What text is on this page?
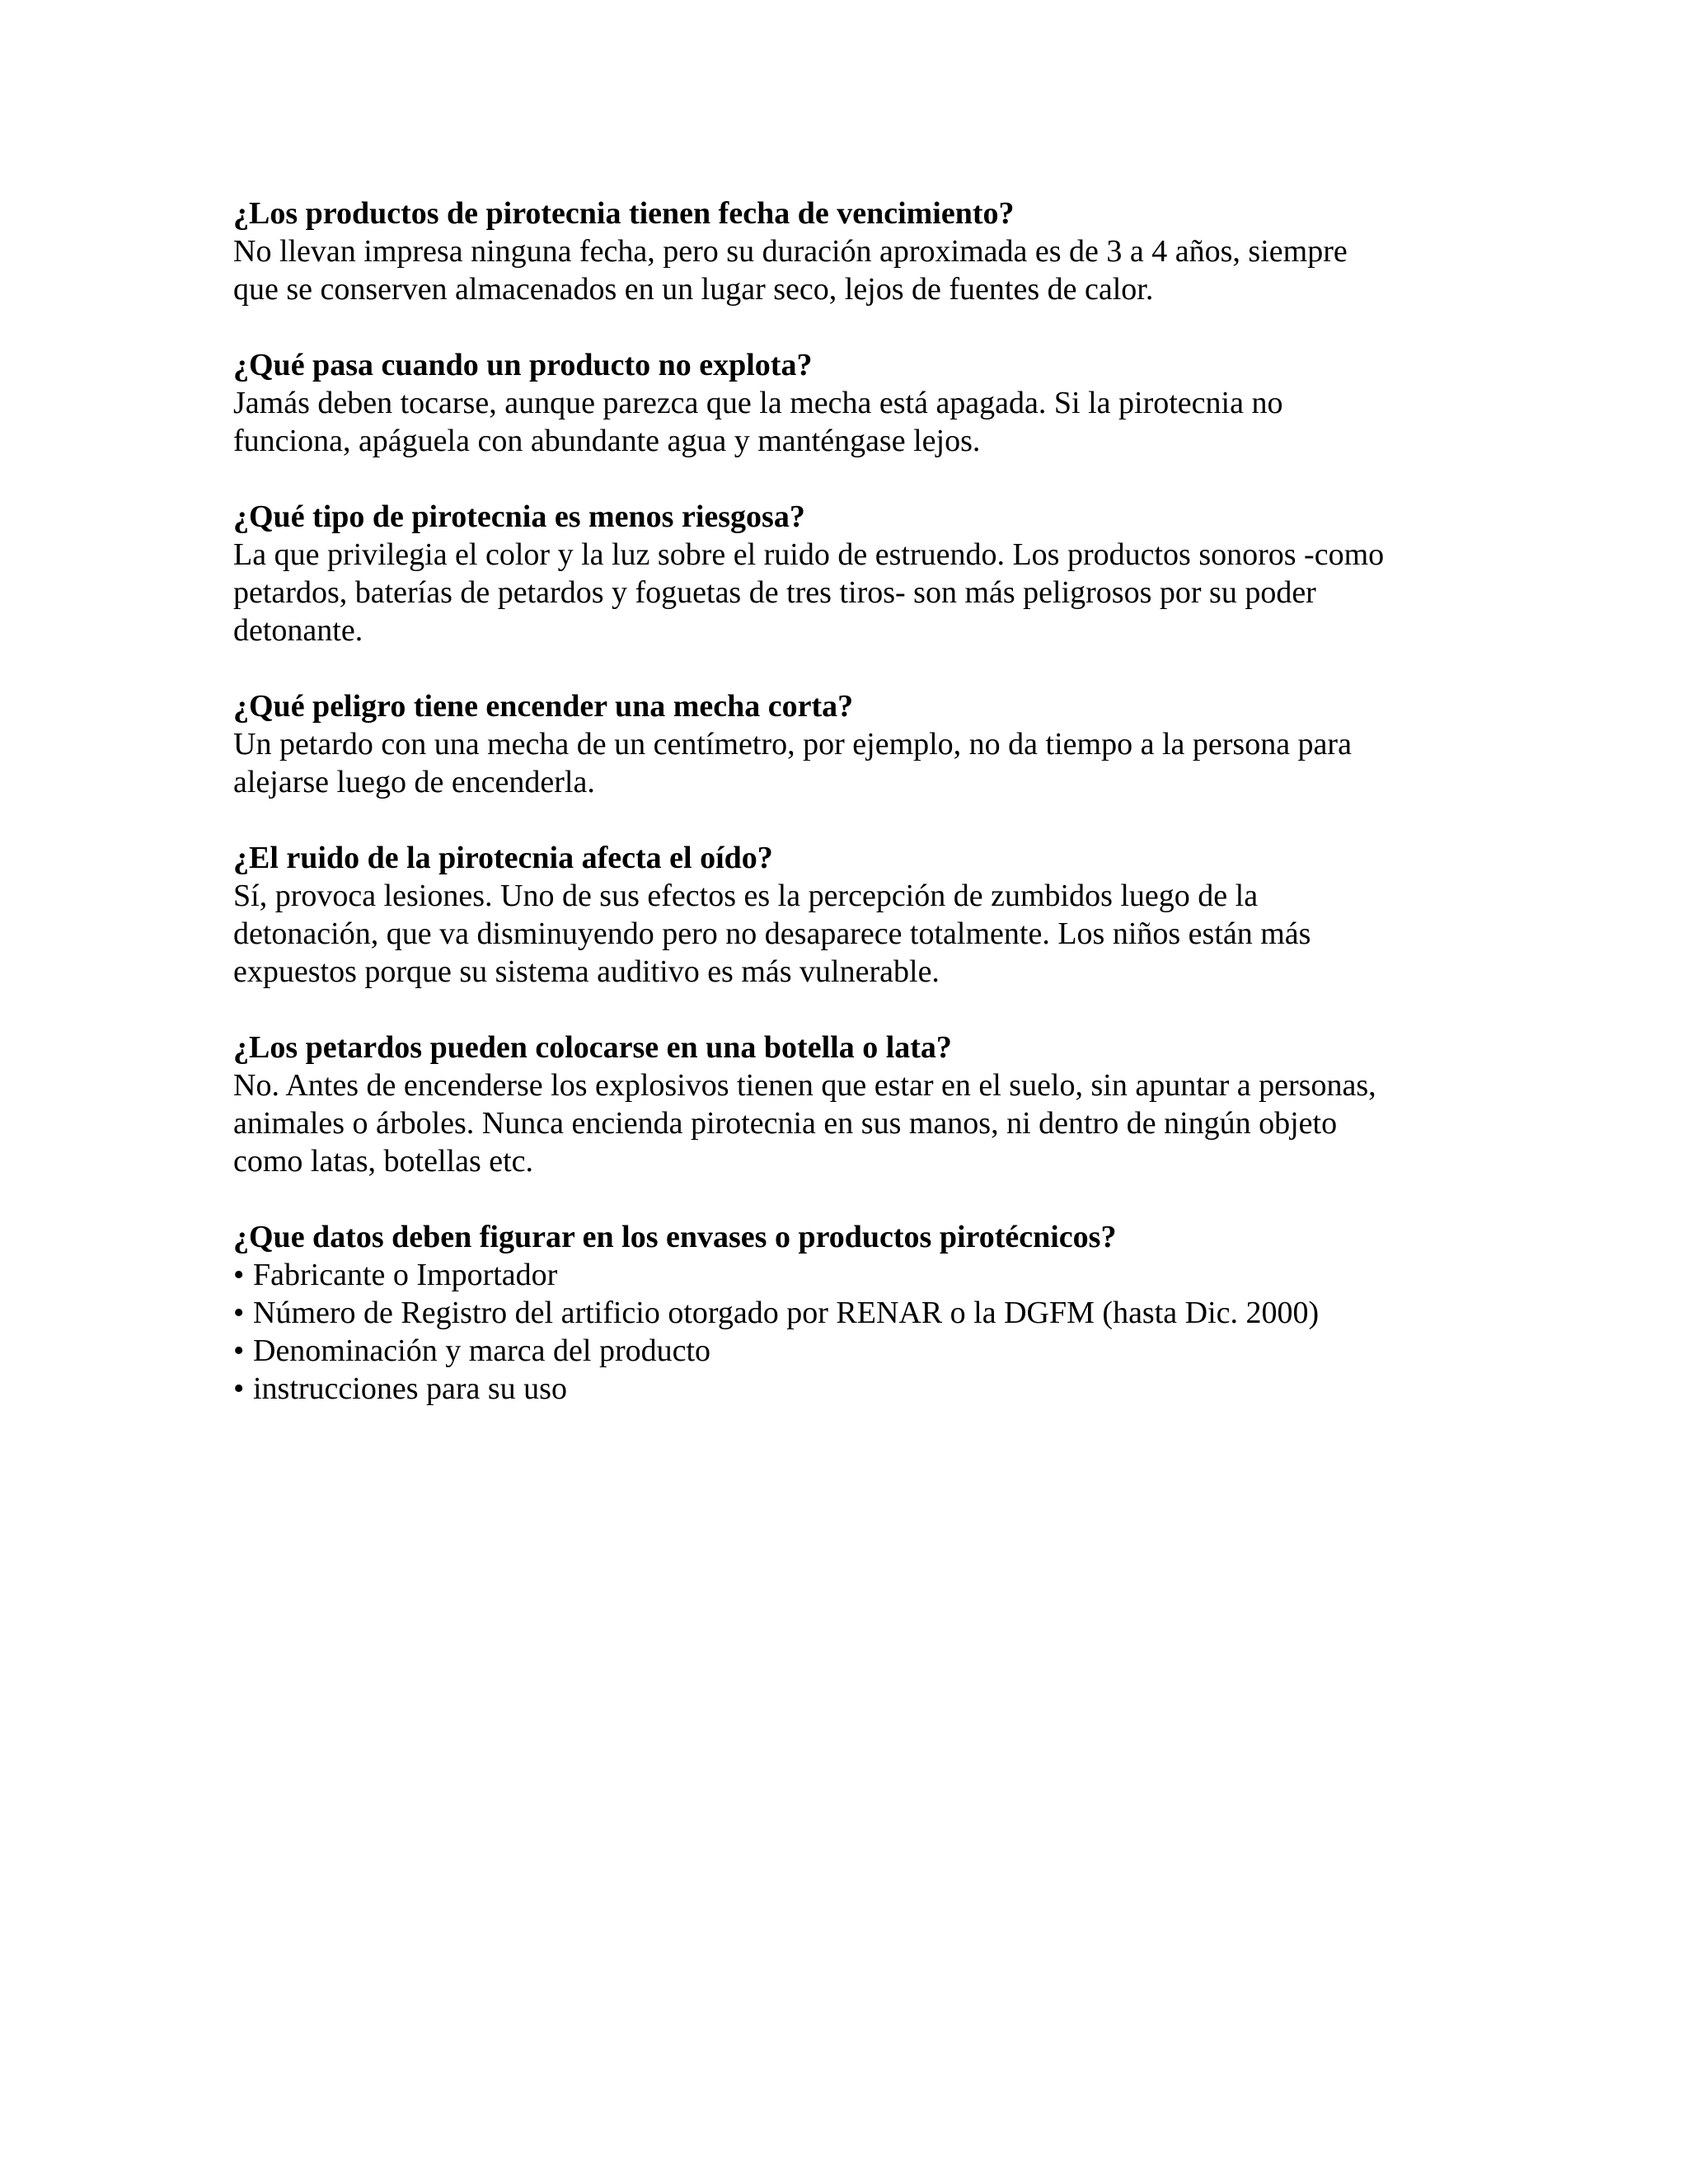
¿Los productos de pirotecnia tienen fecha de vencimiento?

No llevan impresa ninguna fecha, pero su duración aproximada es de 3 a 4 años, siempre
que se conserven almacenados en un lugar seco, lejos de fuentes de calor.

¿Qué pasa cuando un producto no explota?

Jamás deben tocarse, aunque parezca que la mecha está apagada. Si la pirotecnia no
funciona, apáguela con abundante agua y manténgase lejos.

¿Qué tipo de pirotecnia es menos riesgosa?

La que privilegia el color y la luz sobre el ruido de estruendo. Los productos sonoros -como
petardos, baterías de petardos y foguetas de tres tiros- son más peligrosos por su poder
detonante.

¿Qué peligro tiene encender una mecha corta?

Un petardo con una mecha de un centímetro, por ejemplo, no da tiempo a la persona para
alejarse luego de encenderla.

¿El ruido de la pirotecnia afecta el oído?

Sí, provoca lesiones. Uno de sus efectos es la percepción de zumbidos luego de la
detonación, que va disminuyendo pero no desaparece totalmente. Los niños están más
expuestos porque su sistema auditivo es más vulnerable.

¿Los petardos pueden colocarse en una botella o lata?

No. Antes de encenderse los explosivos tienen que estar en el suelo, sin apuntar a personas,
animales o árboles. Nunca encienda pirotecnia en sus manos, ni dentro de ningún objeto
como latas, botellas etc.

¿Que datos deben figurar en los envases o productos pirotécnicos?

• Fabricante o Importador
• Número de Registro del artificio otorgado por RENAR o la DGFM (hasta Dic. 2000)
• Denominación y marca del producto
• instrucciones para su uso
